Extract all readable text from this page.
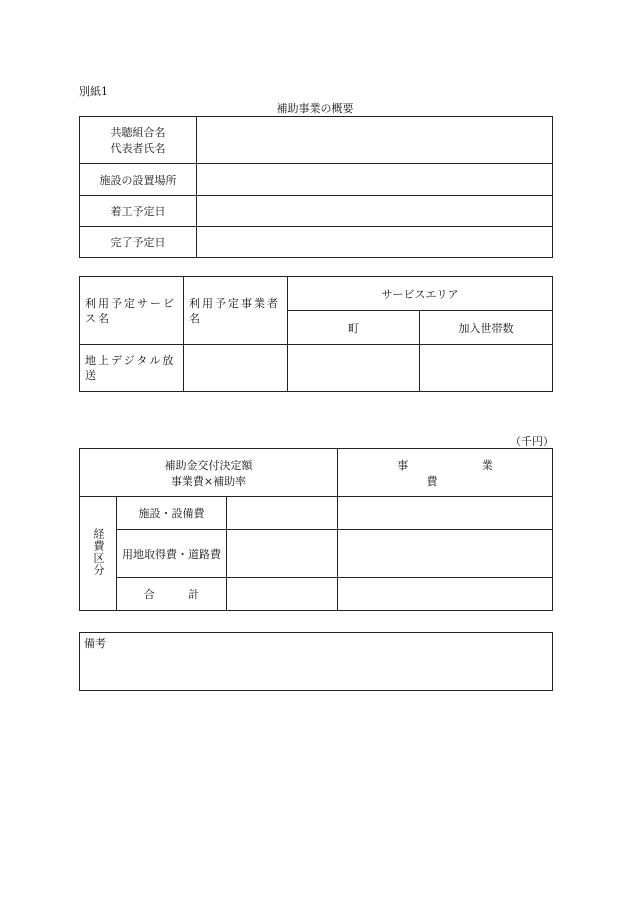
別紙1
補助事業の概要
共聴組合名
代表者氏名	

施設の設置場所	
着工予定日	
完了予定日	
利用予定サービス名	利用予定事業者名	サービスエリア	
		町	加入世帯数
地上デジタル放送			
（千円）
補助金交付決定額
事業費×補助率			事 業 費
経費区分	施設・設備費		
	用地取得費・道路費		
	合 計		
備考
